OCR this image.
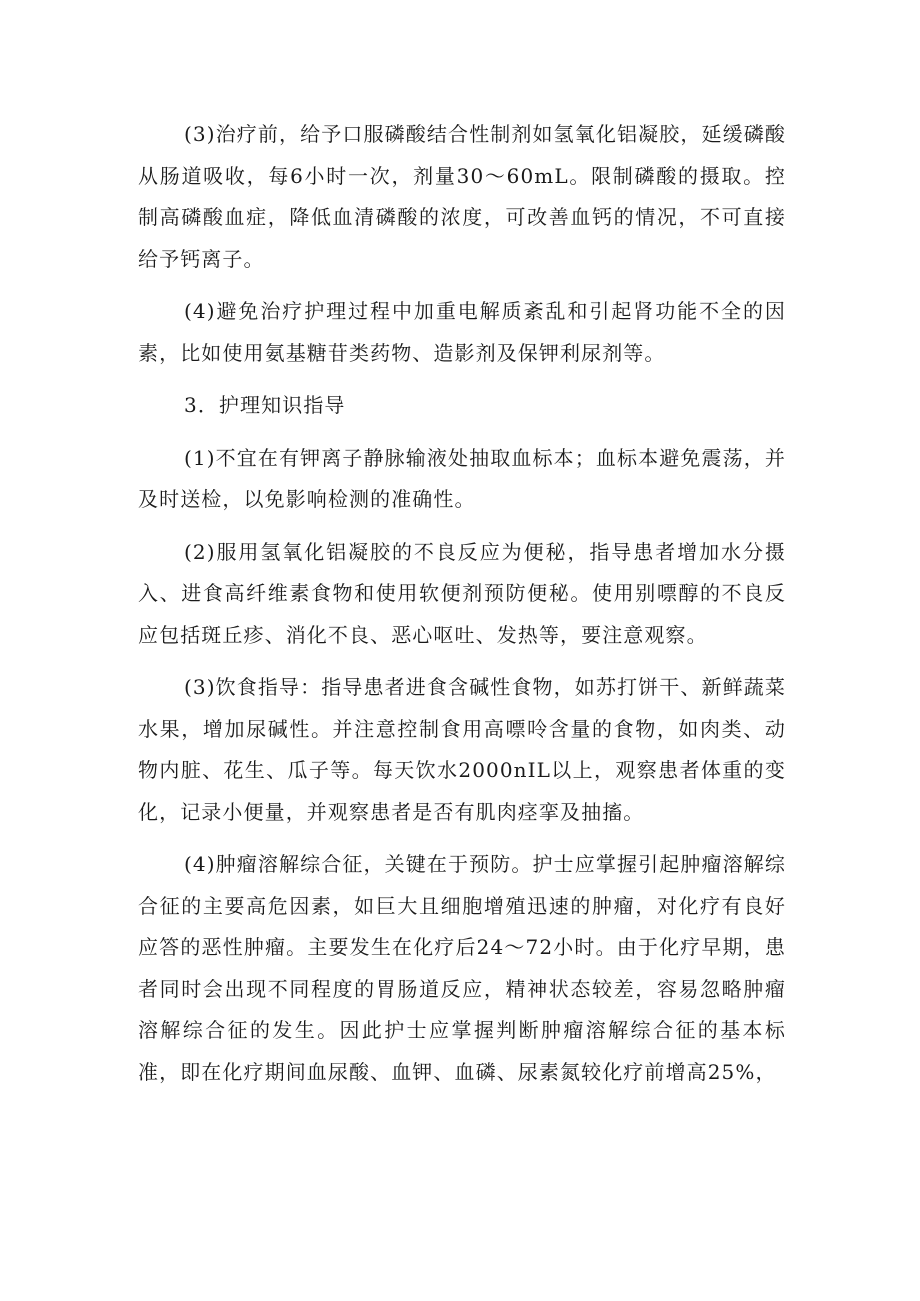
(3)治疗前，给予口服磷酸结合性制剂如氢氧化铝凝胶，延缓磷酸从肠道吸收，每6小时一次，剂量30～60mL。限制磷酸的摄取。控制高磷酸血症，降低血清磷酸的浓度，可改善血钙的情况，不可直接给予钙离子。

(4)避免治疗护理过程中加重电解质紊乱和引起肾功能不全的因素，比如使用氨基糖苷类药物、造影剂及保钾利尿剂等。

3．护理知识指导

(1)不宜在有钾离子静脉输液处抽取血标本；血标本避免震荡，并及时送检，以免影响检测的准确性。

(2)服用氢氧化铝凝胶的不良反应为便秘，指导患者增加水分摄入、进食高纤维素食物和使用软便剂预防便秘。使用别嘌醇的不良反应包括斑丘疹、消化不良、恶心呕吐、发热等，要注意观察。

(3)饮食指导：指导患者进食含碱性食物，如苏打饼干、新鲜蔬菜水果，增加尿碱性。并注意控制食用高嘌呤含量的食物，如肉类、动物内脏、花生、瓜子等。每天饮水2000nIL以上，观察患者体重的变化，记录小便量，并观察患者是否有肌肉痉挛及抽搐。

(4)肿瘤溶解综合征，关键在于预防。护士应掌握引起肿瘤溶解综合征的主要高危因素，如巨大且细胞增殖迅速的肿瘤，对化疗有良好应答的恶性肿瘤。主要发生在化疗后24～72小时。由于化疗早期，患者同时会出现不同程度的胃肠道反应，精神状态较差，容易忽略肿瘤溶解综合征的发生。因此护士应掌握判断肿瘤溶解综合征的基本标准，即在化疗期间血尿酸、血钾、血磷、尿素氮较化疗前增高25%，
